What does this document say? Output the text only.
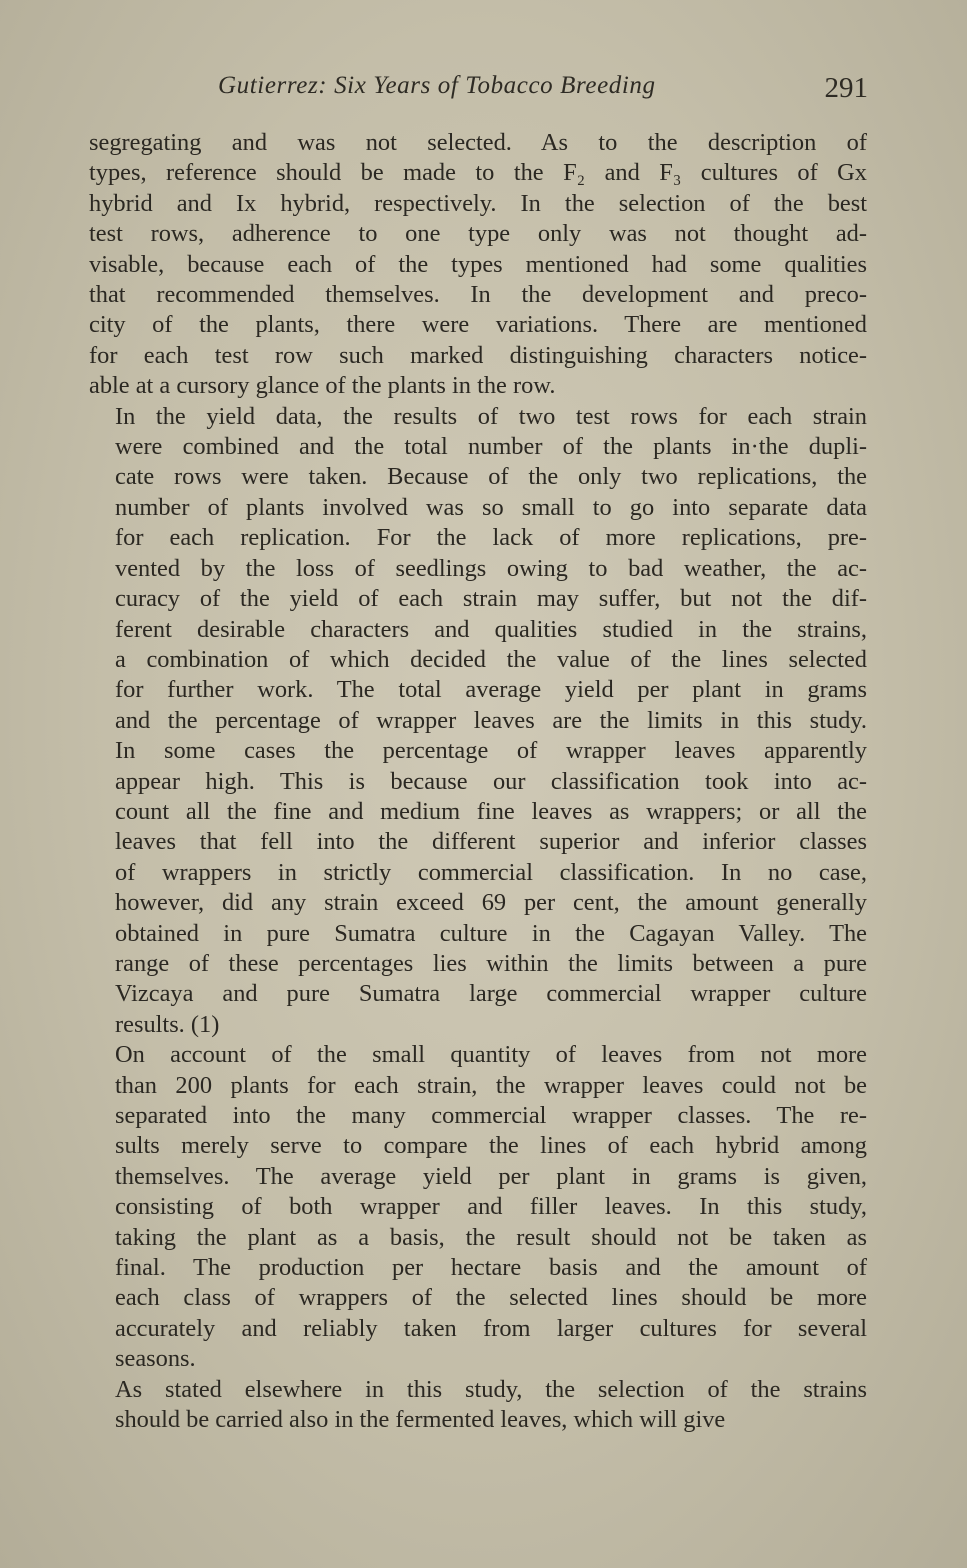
Gutierrez: Six Years of Tobacco Breeding	291

segregating and was not selected. As to the description of
types, reference should be made to the F₂ and F₃ cultures of Gx
hybrid and Ix hybrid, respectively. In the selection of the best
test rows, adherence to one type only was not thought ad-
visable, because each of the types mentioned had some qualities
that recommended themselves. In the development and preco-
city of the plants, there were variations. There are mentioned
for each test row such marked distinguishing characters notice-
able at a cursory glance of the plants in the row.

In the yield data, the results of two test rows for each strain
were combined and the total number of the plants in·the dupli-
cate rows were taken. Because of the only two replications, the
number of plants involved was so small to go into separate data
for each replication. For the lack of more replications, pre-
vented by the loss of seedlings owing to bad weather, the ac-
curacy of the yield of each strain may suffer, but not the dif-
ferent desirable characters and qualities studied in the strains,
a combination of which decided the value of the lines selected
for further work. The total average yield per plant in grams
and the percentage of wrapper leaves are the limits in this study.
In some cases the percentage of wrapper leaves apparently
appear high. This is because our classification took into ac-
count all the fine and medium fine leaves as wrappers; or all the
leaves that fell into the different superior and inferior classes
of wrappers in strictly commercial classification. In no case,
however, did any strain exceed 69 per cent, the amount generally
obtained in pure Sumatra culture in the Cagayan Valley. The
range of these percentages lies within the limits between a pure
Vizcaya and pure Sumatra large commercial wrapper culture
results. (1)

On account of the small quantity of leaves from not more
than 200 plants for each strain, the wrapper leaves could not be
separated into the many commercial wrapper classes. The re-
sults merely serve to compare the lines of each hybrid among
themselves. The average yield per plant in grams is given,
consisting of both wrapper and filler leaves. In this study,
taking the plant as a basis, the result should not be taken as
final. The production per hectare basis and the amount of
each class of wrappers of the selected lines should be more
accurately and reliably taken from larger cultures for several
seasons.

As stated elsewhere in this study, the selection of the strains
should be carried also in the fermented leaves, which will give
